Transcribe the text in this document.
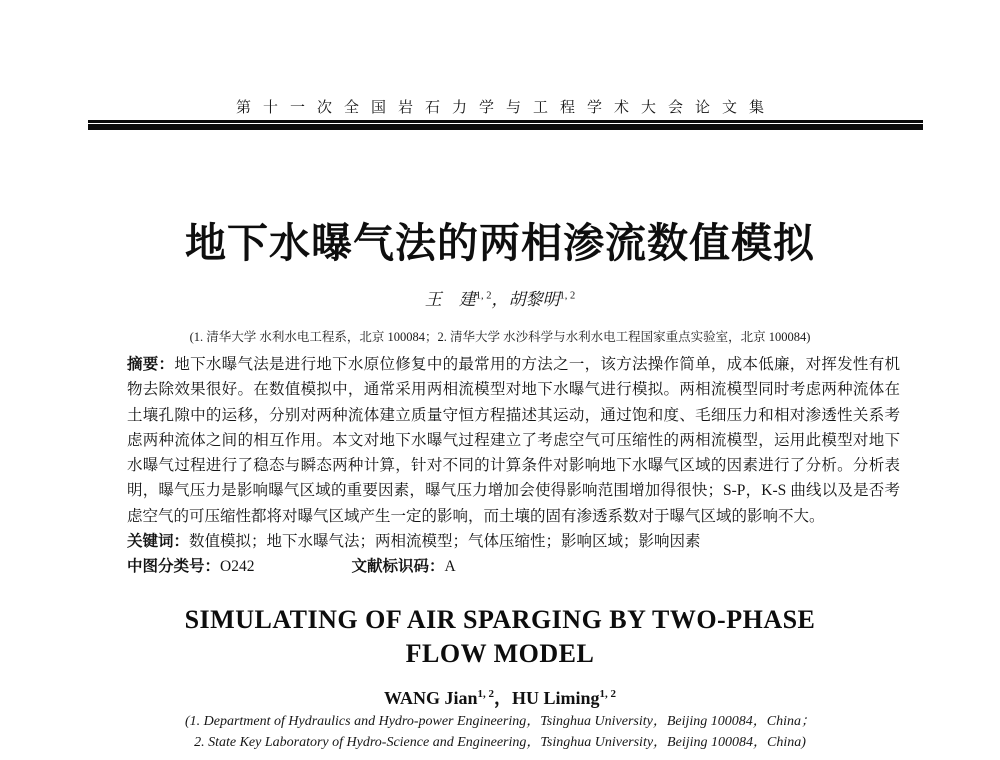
第十一次全国岩石力学与工程学术大会论文集
地下水曝气法的两相渗流数值模拟
王　建$^{1, 2}$，胡黎明$^{1, 2}$
(1. 清华大学 水利水电工程系，北京 100084；2. 清华大学 水沙科学与水利水电工程国家重点实验室，北京 100084)

摘要：地下水曝气法是进行地下水原位修复中的最常用的方法之一，该方法操作简单，成本低廉，对挥发性有机物去除效果很好。在数值模拟中，通常采用两相流模型对地下水曝气进行模拟。两相流模型同时考虑两种流体在土壤孔隙中的运移，分别对两种流体建立质量守恒方程描述其运动，通过饱和度、毛细压力和相对渗透性关系考虑两种流体之间的相互作用。本文对地下水曝气过程建立了考虑空气可压缩性的两相流模型，运用此模型对地下水曝气过程进行了稳态与瞬态两种计算，针对不同的计算条件对影响地下水曝气区域的因素进行了分析。分析表明，曝气压力是影响曝气区域的重要因素，曝气压力增加会使得影响范围增加得很快；S-P，K-S 曲线以及是否考虑空气的可压缩性都将对曝气区域产生一定的影响，而土壤的固有渗透系数对于曝气区域的影响不大。

关键词：数值模拟；地下水曝气法；两相流模型；气体压缩性；影响区域；影响因素

中图分类号：O242	文献标识码：A

SIMULATING OF AIR SPARGING BY TWO-PHASE
FLOW MODEL
WANG Jian$^{1, 2}$，HU Liming$^{1, 2}$
(1. Department of Hydraulics and Hydro-power Engineering，Tsinghua University，Beijing 100084，China；
2. State Key Laboratory of Hydro-Science and Engineering，Tsinghua University，Beijing 100084，China)
